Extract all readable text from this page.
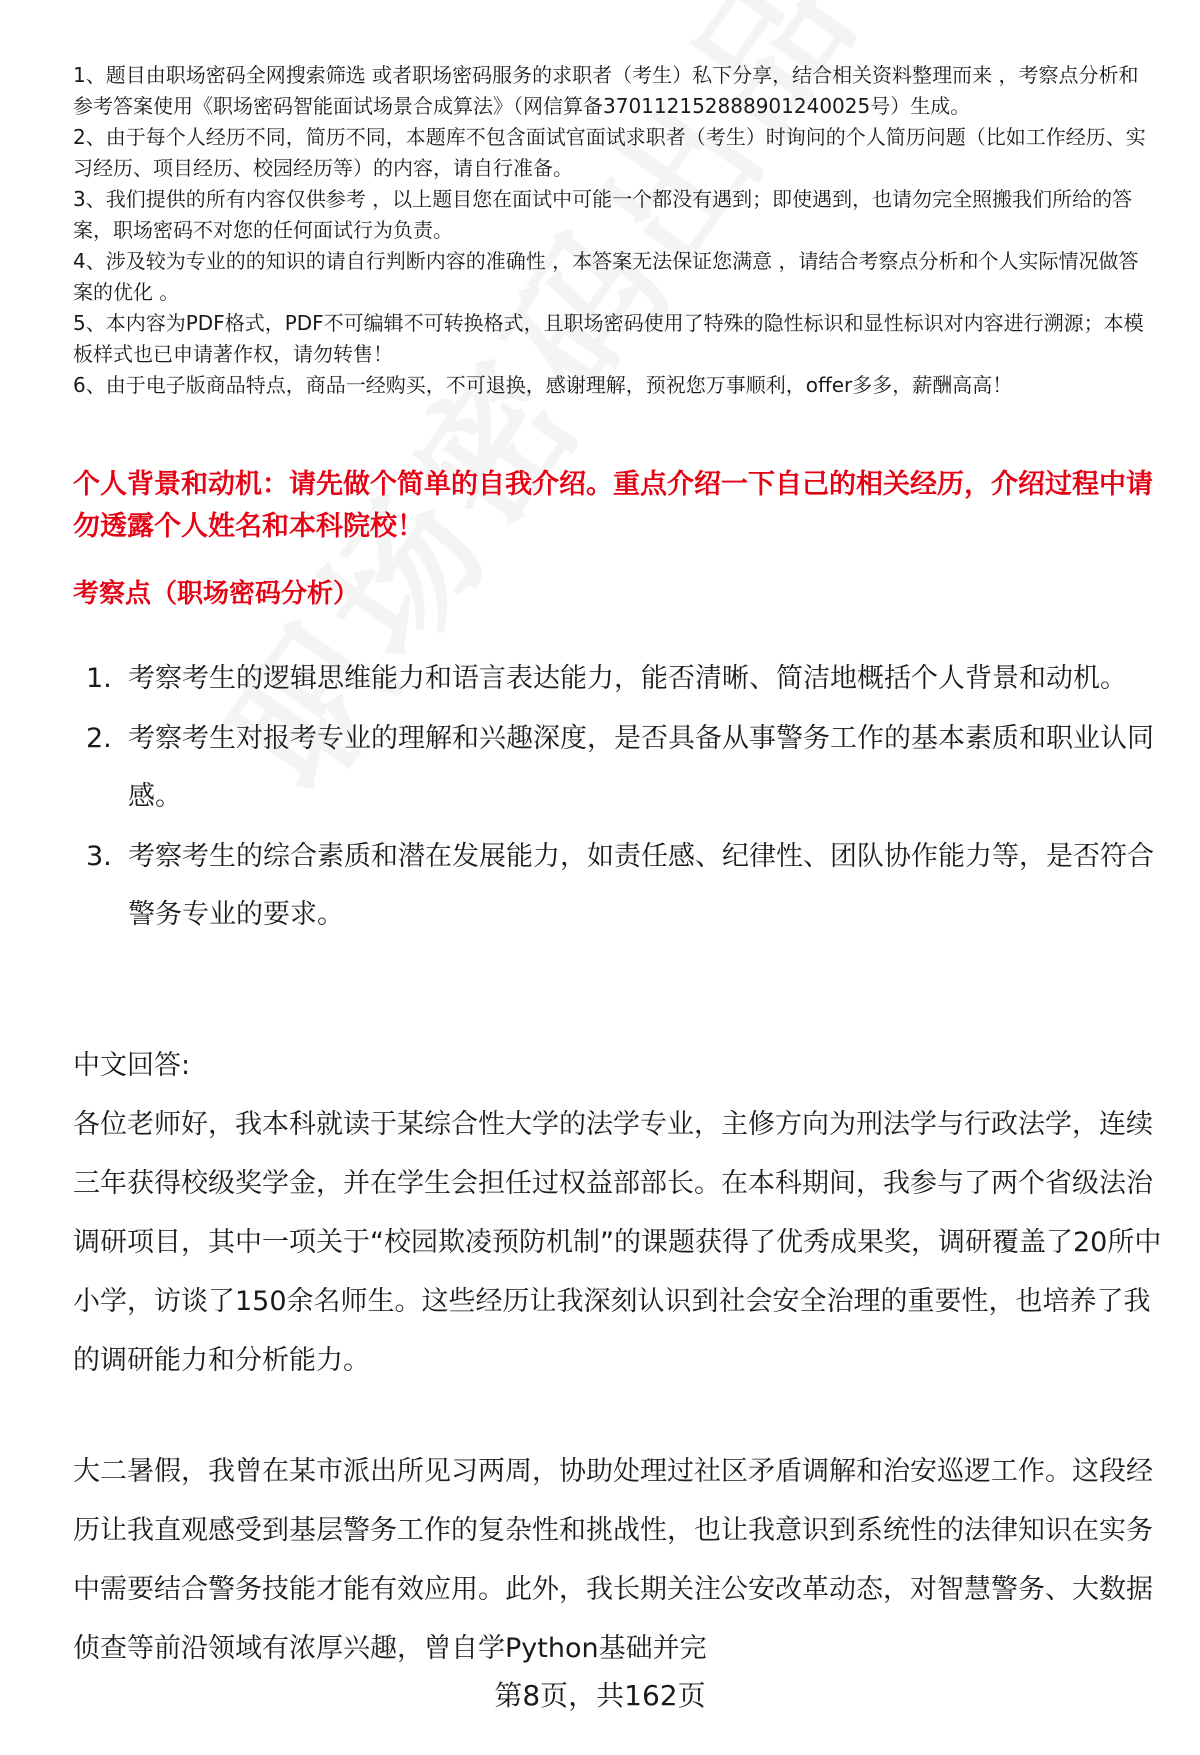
1、题目由职场密码全网搜索筛选 或者职场密码服务的求职者（考生）私下分享，结合相关资料整理而来 ，考察点分析和参考答案使用《职场密码智能面试场景合成算法》（网信算备370112152888901240025号）生成。

2、由于每个人经历不同，简历不同，本题库不包含面试官面试求职者（考生）时询问的个人简历问题（比如工作经历、实习经历、项目经历、校园经历等）的内容，请自行准备。

3、我们提供的所有内容仅供参考 ，以上题目您在面试中可能一个都没有遇到；即使遇到，也请勿完全照搬我们所给的答案，职场密码不对您的任何面试行为负责。

4、涉及较为专业的的知识的请自行判断内容的准确性 ，本答案无法保证您满意 ，请结合考察点分析和个人实际情况做答案的优化 。

5、本内容为PDF格式，PDF不可编辑不可转换格式，且职场密码使用了特殊的隐性标识和显性标识对内容进行溯源；本模板样式也已申请著作权，请勿转售！

6、由于电子版商品特点，商品一经购买，不可退换，感谢理解，预祝您万事顺利，offer多多，薪酬高高！

个人背景和动机：请先做个简单的自我介绍。重点介绍一下自己的相关经历，介绍过程中请勿透露个人姓名和本科院校！

考察点（职场密码分析）

1. 考察考生的逻辑思维能力和语言表达能力，能否清晰、简洁地概括个人背景和动机。
2. 考察考生对报考专业的理解和兴趣深度，是否具备从事警务工作的基本素质和职业认同感。
3. 考察考生的综合素质和潜在发展能力，如责任感、纪律性、团队协作能力等，是否符合警务专业的要求。

中文回答:

各位老师好，我本科就读于某综合性大学的法学专业，主修方向为刑法学与行政法学，连续三年获得校级奖学金，并在学生会担任过权益部部长。在本科期间，我参与了两个省级法治调研项目，其中一项关于“校园欺凌预防机制”的课题获得了优秀成果奖，调研覆盖了20所中小学，访谈了150余名师生。这些经历让我深刻认识到社会安全治理的重要性，也培养了我的调研能力和分析能力。

大二暑假，我曾在某市派出所见习两周，协助处理过社区矛盾调解和治安巡逻工作。这段经历让我直观感受到基层警务工作的复杂性和挑战性，也让我意识到系统性的法律知识在实务中需要结合警务技能才能有效应用。此外，我长期关注公安改革动态，对智慧警务、大数据侦查等前沿领域有浓厚兴趣，曾自学Python基础并完

第8页，共162页
